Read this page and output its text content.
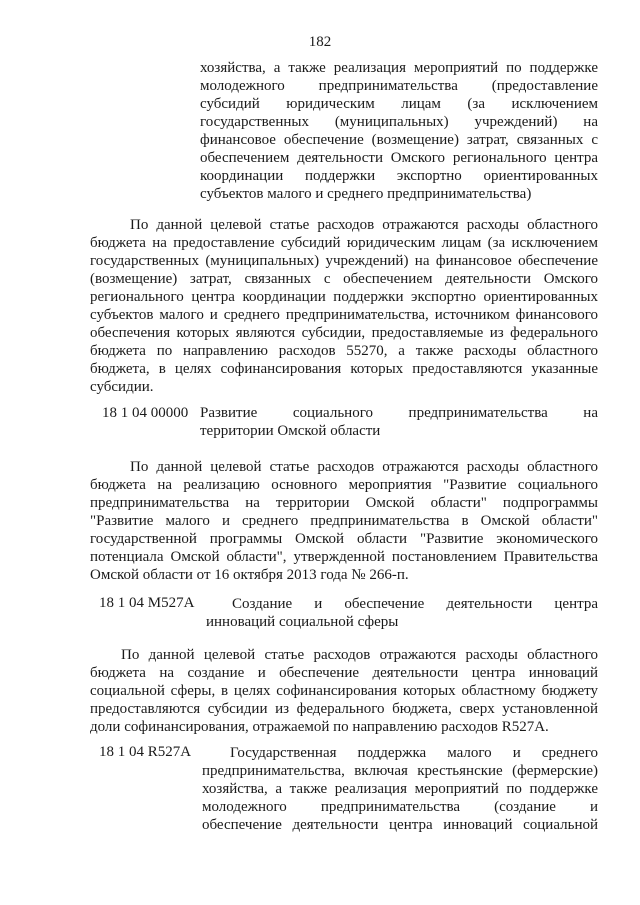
182
хозяйства, а также реализация мероприятий по поддержке
молодежного предпринимательства (предоставление
субсидий юридическим лицам (за исключением
государственных (муниципальных) учреждений) на
финансовое обеспечение (возмещение) затрат, связанных с
обеспечением деятельности Омского регионального центра
координации поддержки экспортно ориентированных
субъектов малого и среднего предпринимательства)
По данной целевой статье расходов отражаются расходы областного
бюджета на предоставление субсидий юридическим лицам (за исключением
государственных (муниципальных) учреждений) на финансовое обеспечение
(возмещение) затрат, связанных с обеспечением деятельности Омского
регионального центра координации поддержки экспортно ориентированных
субъектов малого и среднего предпринимательства, источником финансового
обеспечения которых являются субсидии, предоставляемые из федерального
бюджета по направлению расходов 55270, а также расходы областного
бюджета, в целях софинансирования которых предоставляются указанные
субсидии.
18 1 04 00000 Развитие социального предпринимательства на
территории Омской области
По данной целевой статье расходов отражаются расходы областного
бюджета на реализацию основного мероприятия "Развитие социального
предпринимательства на территории Омской области" подпрограммы
"Развитие малого и среднего предпринимательства в Омской области"
государственной программы Омской области "Развитие экономического
потенциала Омской области", утвержденной постановлением Правительства
Омской области от 16 октября 2013 года № 266-п.
18 1 04 M527A	Создание и обеспечение деятельности центра
инноваций социальной сферы
По данной целевой статье расходов отражаются расходы областного
бюджета на создание и обеспечение деятельности центра инноваций
социальной сферы, в целях софинансирования которых областному бюджету
предоставляются субсидии из федерального бюджета, сверх установленной
доли софинансирования, отражаемой по направлению расходов R527A.
18 1 04 R527A	Государственная поддержка малого и среднего
предпринимательства, включая крестьянские (фермерские)
хозяйства, а также реализация мероприятий по поддержке
молодежного предпринимательства (создание и
обеспечение деятельности центра инноваций социальной
